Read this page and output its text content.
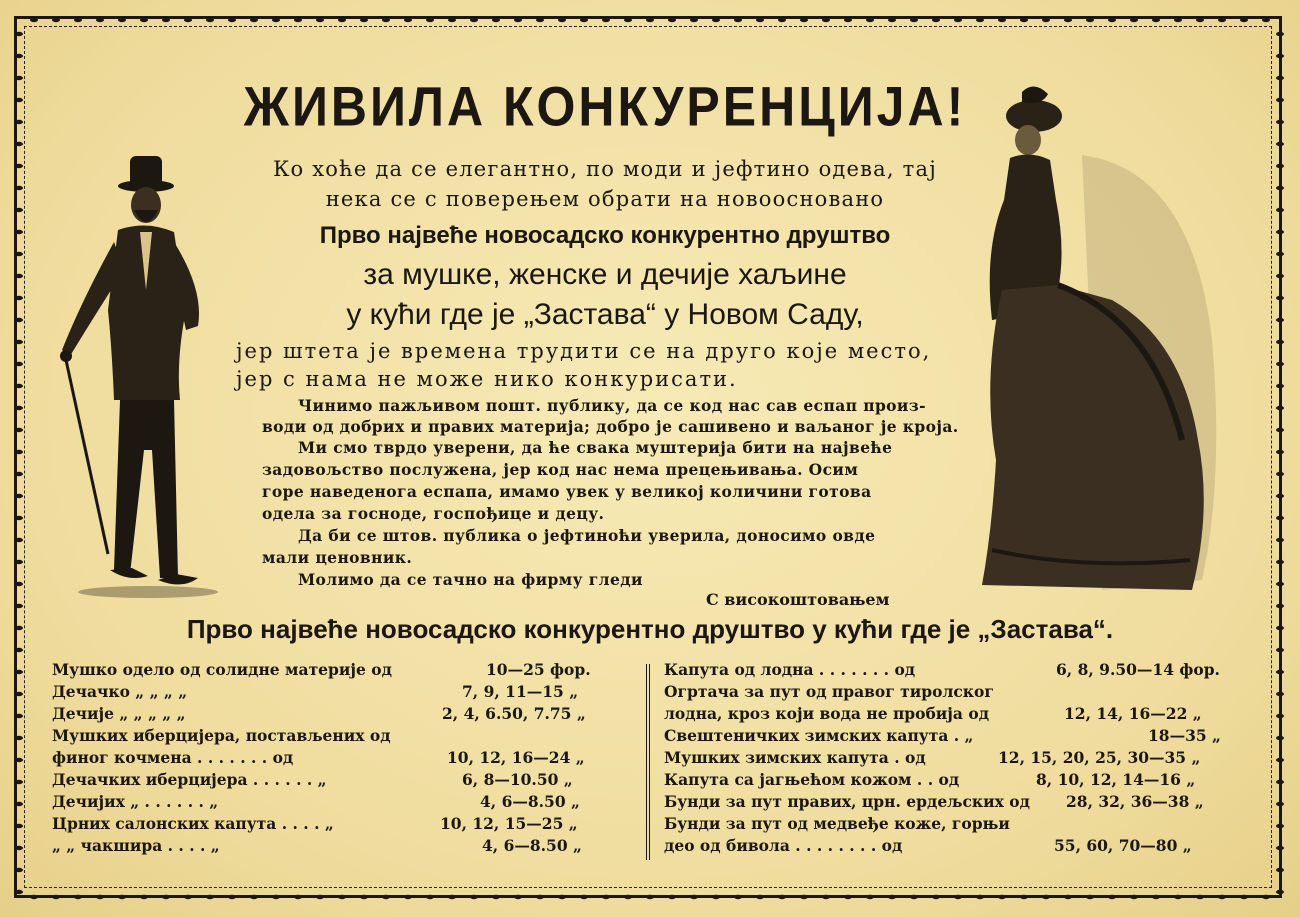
ЖИВИЛА КОНКУРЕНЦИЈА!
Ко хоће да се елегантно, по моди и јефтино одева, тај
нека се с поверењем обрати на новоосновано
Прво највеће новосадско конкурентно друштво
за мушке, женске и дечије хаљине
у кући где је „Застава“ у Новом Саду,
јер штета је времена трудити се на друго које место,
јер с нама не може нико конкурисати.
Чинимо пажљивом пошт. публику, да се код нас сав еспап произ-
води од добрих и правих материја; добро је сашивено и ваљаног је кроја.
Ми смо тврдо уверени, да ће свака муштерија бити на највеће
задовољство послужена, јер код нас нема прецењивања. Осим
горе наведенога еспапа, имамо увек у великој количини готова
одела за госноде, госпођице и децу.
Да би се штов. публика о јефтиноћи уверила, доносимо овде
мали ценовник.
Молимо да се тачно на фирму гледи
С високоштовањем
Прво највеће новосадско конкурентно друштво у кући где је „Застава“.
Мушко одело од солидне материје од	10—25 фор.
Дечачко „ „ „ „	7, 9, 11—15 „
Дечије „ „ „ „ „	2, 4, 6.50, 7.75 „
Мушких иберцијера, постављених од
финог кочмена . . . . . . . од	10, 12, 16—24 „
Дечачких иберцијера . . . . . . „	6, 8—10.50 „
Дечијих „ . . . . . . „	4, 6—8.50 „
Црних салонских капута . . . . „	10, 12, 15—25 „
„ „ чакшира . . . . „	4, 6—8.50 „
Капута од лодна . . . . . . . од	6, 8, 9.50—14 фор.
Огртача за пут од правог тиролског
лодна, кроз који вода не пробија од	12, 14, 16—22 „
Свештеничких зимских капута . „	18—35 „
Мушких зимских капута . од	12, 15, 20, 25, 30—35 „
Капута са јагњећом кожом . . од	8, 10, 12, 14—16 „
Бунди за пут правих, црн. ердељских од 28, 32, 36—38 „
Бунди за пут од медвеђе коже, горњи
део од бивола . . . . . . . . од	55, 60, 70—80 „
